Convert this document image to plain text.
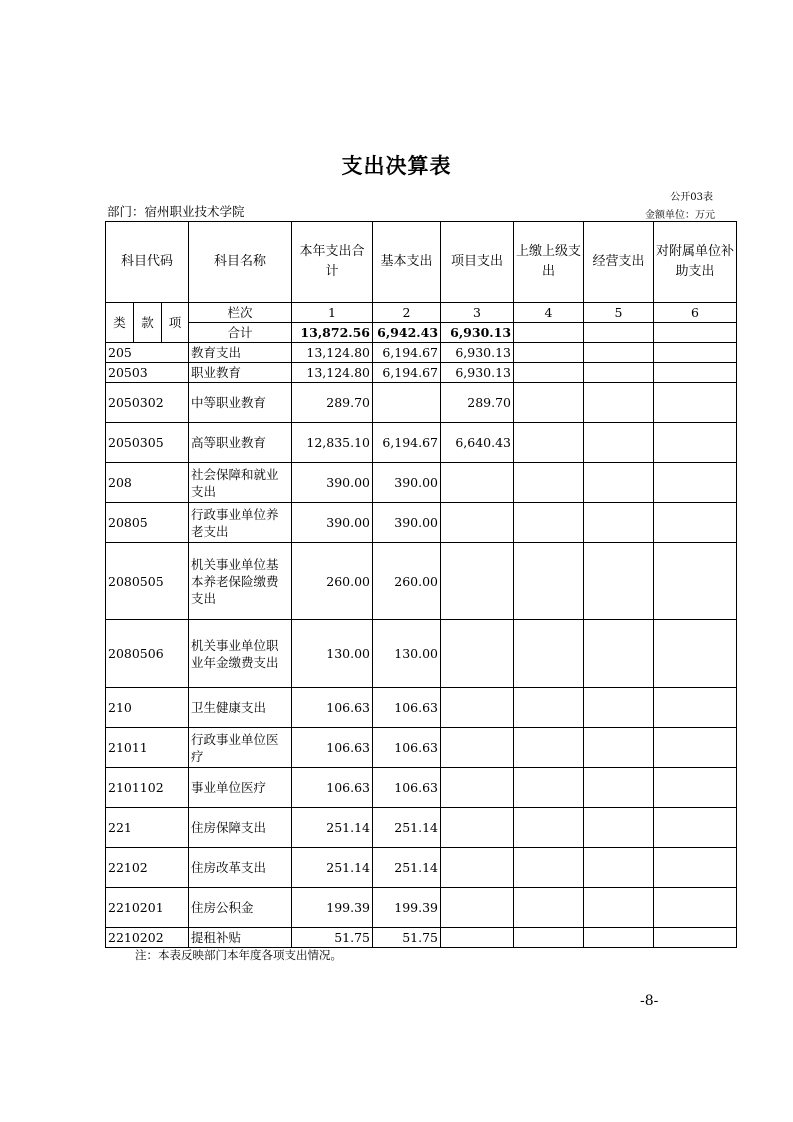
支出决算表
公开03表
部门：宿州职业技术学院	金额单位：万元
科目代码			科目名称	本年支出合计	基本支出	项目支出	上缴上级支出	经营支出	对附属单位补助支出
类	款	项	栏次	1	2	3	4	5	6
			合计	13,872.56	6,942.43	6,930.13			
205			教育支出	13,124.80	6,194.67	6,930.13			
20503			职业教育	13,124.80	6,194.67	6,930.13			
2050302			中等职业教育	289.70		289.70			
2050305			高等职业教育	12,835.10	6,194.67	6,640.43			
208			社会保障和就业支出	390.00	390.00				
20805			行政事业单位养老支出	390.00	390.00				
2080505			机关事业单位基本养老保险缴费支出	260.00	260.00				
2080506			机关事业单位职业年金缴费支出	130.00	130.00				
210			卫生健康支出	106.63	106.63				
21011			行政事业单位医疗	106.63	106.63				
2101102			事业单位医疗	106.63	106.63				
221			住房保障支出	251.14	251.14				
22102			住房改革支出	251.14	251.14				
2210201			住房公积金	199.39	199.39				
2210202			提租补贴	51.75	51.75				
注：本表反映部门本年度各项支出情况。
-8-
